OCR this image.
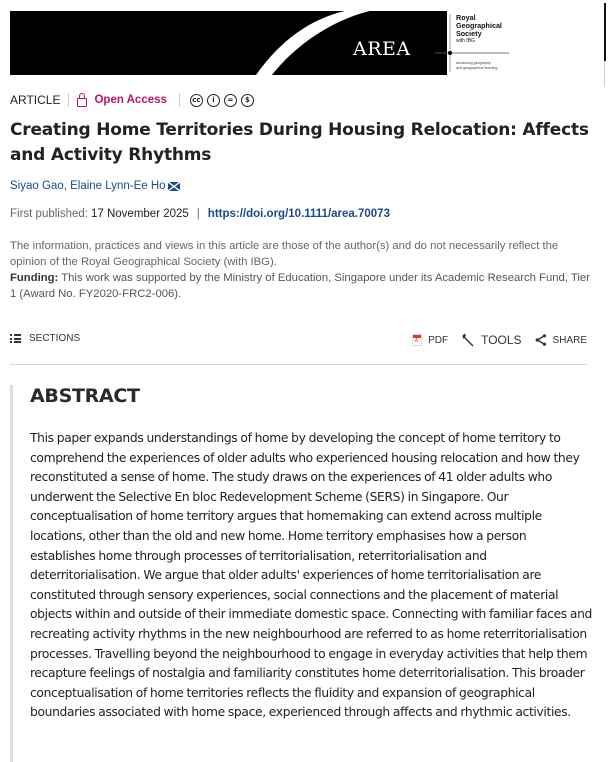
AREA
Royal
Geographical
Society
with IBG
Advancing geography
and geographical learning
ARTICLE	Open Access	cc	i	=	$
Creating Home Territories During Housing Relocation: Affects and Activity Rhythms
Siyao Gao, Elaine Lynn-Ee Ho
First published: 17 November 2025 | https://doi.org/10.1111/area.70073
The information, practices and views in this article are those of the author(s) and do not necessarily reflect the opinion of the Royal Geographical Society (with IBG).
Funding: This work was supported by the Ministry of Education, Singapore under its Academic Research Fund, Tier 1 (Award No. FY2020-FRC2-006).
SECTIONS ⅄	PDF	TOOLS	SHARE
ABSTRACT

This paper expands understandings of home by developing the concept of home territory to comprehend the experiences of older adults who experienced housing relocation and how they reconstituted a sense of home. The study draws on the experiences of 41 older adults who underwent the Selective En bloc Redevelopment Scheme (SERS) in Singapore. Our conceptualisation of home territory argues that homemaking can extend across multiple locations, other than the old and new home. Home territory emphasises how a person establishes home through processes of territorialisation, reterritorialisation and deterritorialisation. We argue that older adults' experiences of home territorialisation are constituted through sensory experiences, social connections and the placement of material objects within and outside of their immediate domestic space. Connecting with familiar faces and recreating activity rhythms in the new neighbourhood are referred to as home reterritorialisation processes. Travelling beyond the neighbourhood to engage in everyday activities that help them recapture feelings of nostalgia and familiarity constitutes home deterritorialisation. This broader conceptualisation of home territories reflects the fluidity and expansion of geographical boundaries associated with home space, experienced through affects and rhythmic activities.
